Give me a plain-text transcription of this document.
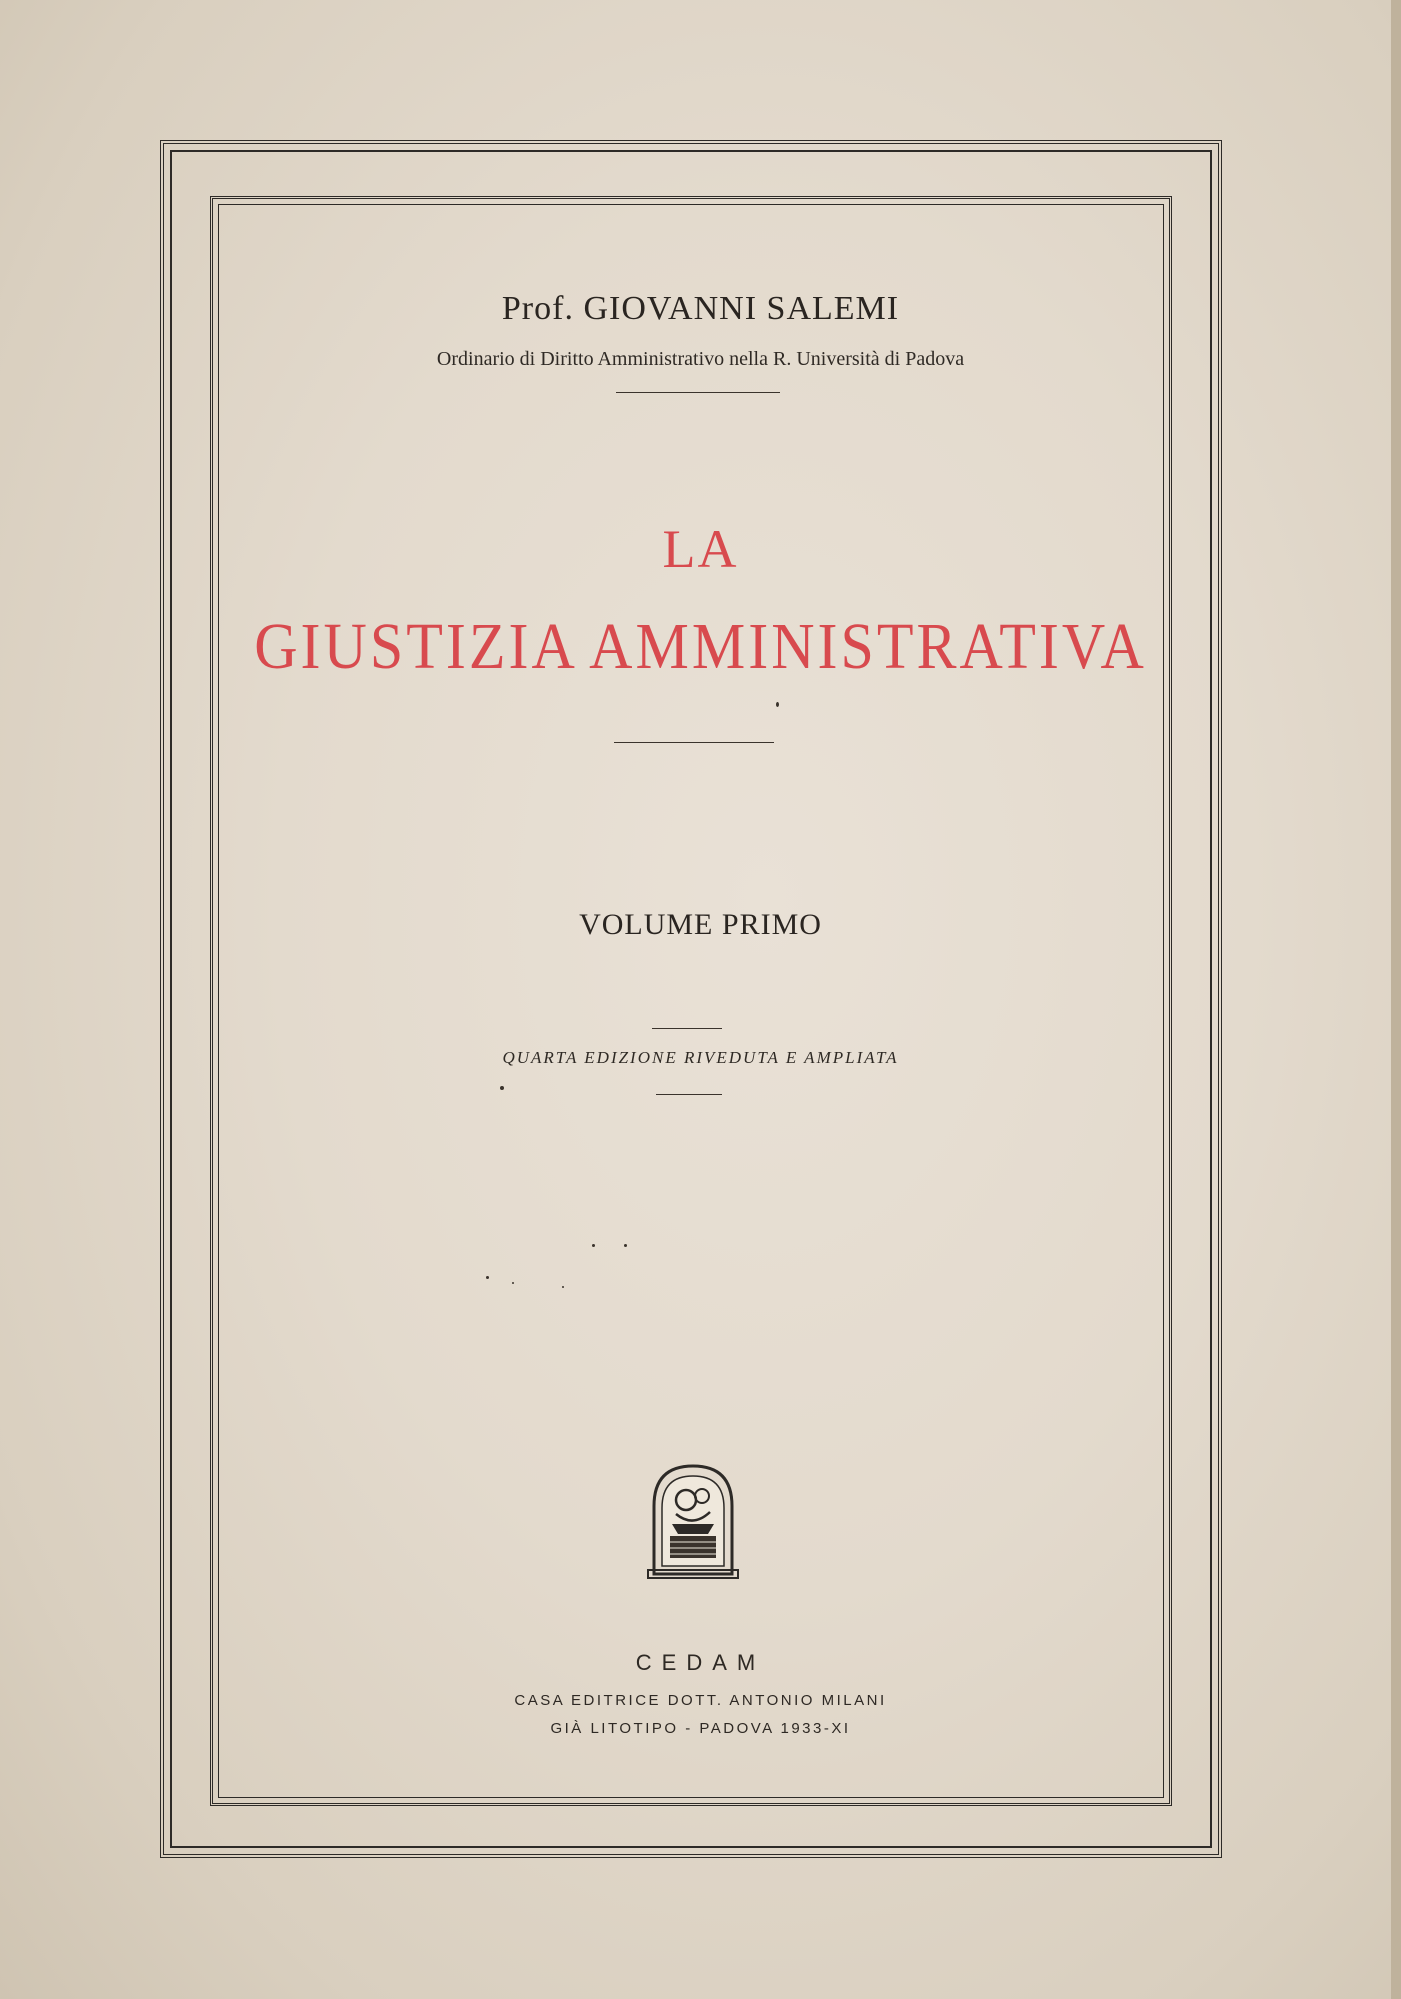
Prof. GIOVANNI SALEMI
Ordinario di Diritto Amministrativo nella R. Università di Padova
LA
GIUSTIZIA AMMINISTRATIVA
VOLUME PRIMO
QUARTA EDIZIONE RIVEDUTA E AMPLIATA
CEDAM
CASA EDITRICE DOTT. ANTONIO MILANI
GIÀ LITOTIPO - PADOVA 1933-XI
